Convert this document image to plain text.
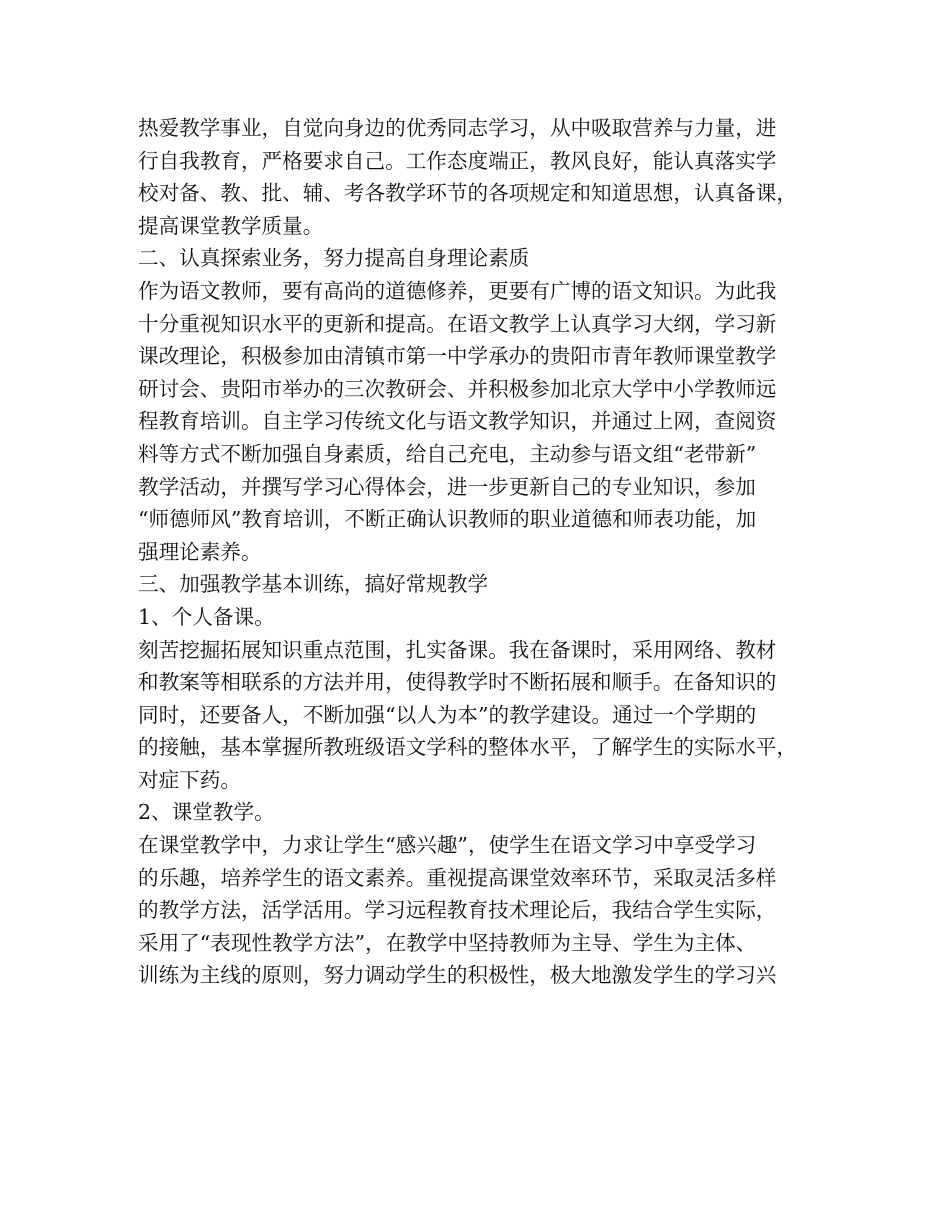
热爱教学事业，自觉向身边的优秀同志学习，从中吸取营养与力量，进
行自我教育，严格要求自己。工作态度端正，教风良好，能认真落实学
校对备、教、批、辅、考各教学环节的各项规定和知道思想，认真备课，
提高课堂教学质量。
二、认真探索业务，努力提高自身理论素质
作为语文教师，要有高尚的道德修养，更要有广博的语文知识。为此我
十分重视知识水平的更新和提高。在语文教学上认真学习大纲，学习新
课改理论，积极参加由清镇市第一中学承办的贵阳市青年教师课堂教学
研讨会、贵阳市举办的三次教研会、并积极参加北京大学中小学教师远
程教育培训。自主学习传统文化与语文教学知识，并通过上网，查阅资
料等方式不断加强自身素质，给自己充电，主动参与语文组“老带新”
教学活动，并撰写学习心得体会，进一步更新自己的专业知识，参加
“师德师风”教育培训，不断正确认识教师的职业道德和师表功能，加
强理论素养。
三、加强教学基本训练，搞好常规教学
1、个人备课。
刻苦挖掘拓展知识重点范围，扎实备课。我在备课时，采用网络、教材
和教案等相联系的方法并用，使得教学时不断拓展和顺手。在备知识的
同时，还要备人，不断加强“以人为本”的教学建设。通过一个学期的
的接触，基本掌握所教班级语文学科的整体水平，了解学生的实际水平，
对症下药。
2、课堂教学。
在课堂教学中，力求让学生“感兴趣”，使学生在语文学习中享受学习
的乐趣，培养学生的语文素养。重视提高课堂效率环节，采取灵活多样
的教学方法，活学活用。学习远程教育技术理论后，我结合学生实际，
采用了“表现性教学方法”，在教学中坚持教师为主导、学生为主体、
训练为主线的原则，努力调动学生的积极性，极大地激发学生的学习兴
